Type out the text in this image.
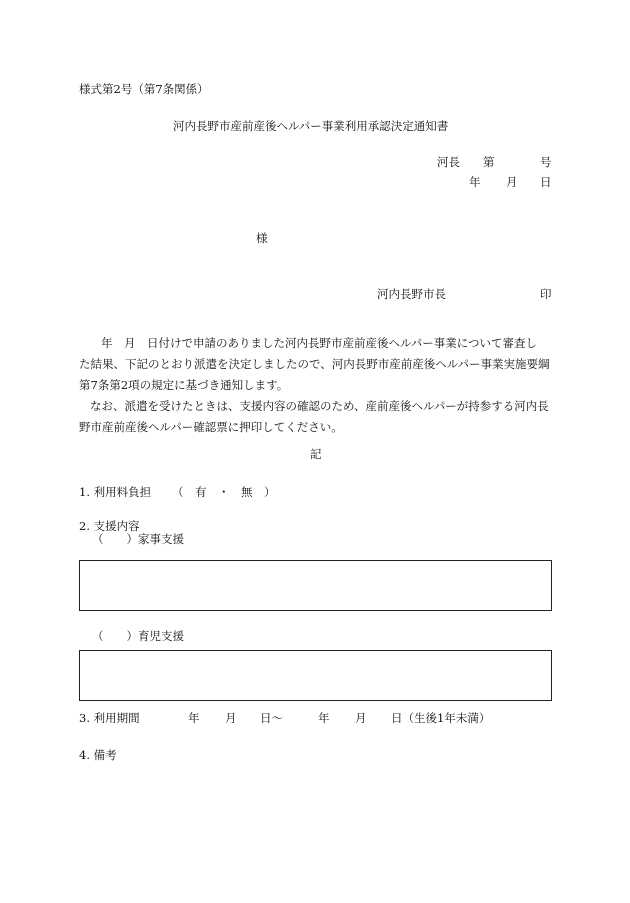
様式第2号（第7条関係）
河内長野市産前産後ヘルパー事業利用承認決定通知書
河長 第	号
年 月 日
様
河内長野市長	印

年　月　日付けで申請のありました河内長野市産前産後ヘルパー事業について審査し

た結果、下記のとおり派遣を決定しましたので、河内長野市産前産後ヘルパー事業実施要綱

第7条第2項の規定に基づき通知します。

なお、派遣を受けたときは、支援内容の確認のため、産前産後ヘルパーが持参する河内長

野市産前産後ヘルパー確認票に押印してください。

記
1. 利用料負担 （　有　・　無　）
2. 支援内容
（　　）家事支援
（　　）育児支援
3. 利用期間	年 月 日～	年 月 日（生後1年未満）
4. 備考
